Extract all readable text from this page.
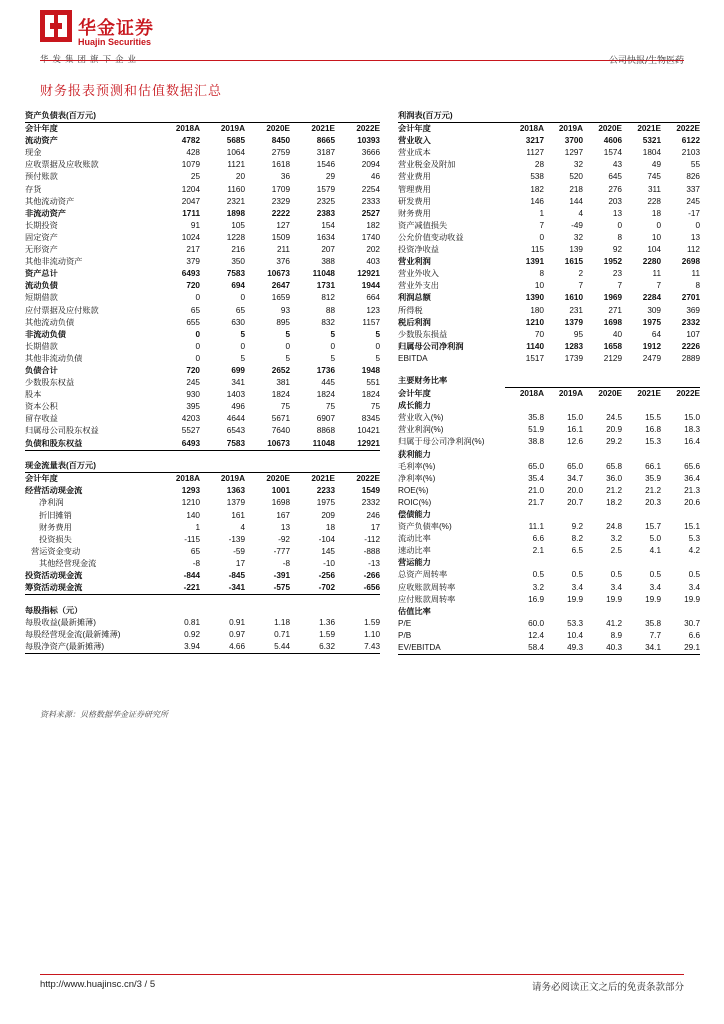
华金证券
Huajin Securities
华发集团旗下企业	公司快报/生物医药
财务报表预测和估值数据汇总
资产负债表(百万元)					
会计年度	2018A	2019A	2020E	2021E	2022E
流动资产	4782	5685	8450	8665	10393
现金	428	1064	2759	3187	3666
应收票据及应收账款	1079	1121	1618	1546	2094
预付账款	25	20	36	29	46
存货	1204	1160	1709	1579	2254
其他流动资产	2047	2321	2329	2325	2333
非流动资产	1711	1898	2222	2383	2527
长期投资	91	105	127	154	182
固定资产	1024	1228	1509	1634	1740
无形资产	217	216	211	207	202
其他非流动资产	379	350	376	388	403
资产总计	6493	7583	10673	11048	12921
流动负债	720	694	2647	1731	1944
短期借款	0	0	1659	812	664
应付票据及应付账款	65	65	93	88	123
其他流动负债	655	630	895	832	1157
非流动负债	0	5	5	5	5
长期借款	0	0	0	0	0
其他非流动负债	0	5	5	5	5
负债合计	720	699	2652	1736	1948
少数股东权益	245	341	381	445	551
股本	930	1403	1824	1824	1824
资本公积	395	496	75	75	75
留存收益	4203	4644	5671	6907	8345
归属母公司股东权益	5527	6543	7640	8868	10421
负债和股东权益	6493	7583	10673	11048	12921

现金流量表(百万元)					
会计年度	2018A	2019A	2020E	2021E	2022E
经营活动现金流	1293	1363	1001	2233	1549
净利润	1210	1379	1698	1975	2332
折旧摊销	140	161	167	209	246
财务费用	1	4	13	18	17
投资损失	-115	-139	-92	-104	-112
营运资金变动	65	-59	-777	145	-888
其他经营现金流	-8	17	-8	-10	-13
投资活动现金流	-844	-845	-391	-256	-266
筹资活动现金流	-221	-341	-575	-702	-656

每股指标（元）					
每股收益(最新摊薄)	0.81	0.91	1.18	1.36	1.59
每股经营现金流(最新摊薄)	0.92	0.97	0.71	1.59	1.10
每股净资产(最新摊薄)	3.94	4.66	5.44	6.32	7.43
利润表(百万元)					
会计年度	2018A	2019A	2020E	2021E	2022E
营业收入	3217	3700	4606	5321	6122
营业成本	1127	1297	1574	1804	2103
营业税金及附加	28	32	43	49	55
营业费用	538	520	645	745	826
管理费用	182	218	276	311	337
研发费用	146	144	203	228	245
财务费用	1	4	13	18	-17
资产减值损失	7	-49	0	0	0
公允价值变动收益	0	32	8	10	13
投资净收益	115	139	92	104	112
营业利润	1391	1615	1952	2280	2698
营业外收入	8	2	23	11	11
营业外支出	10	7	7	7	8
利润总额	1390	1610	1969	2284	2701
所得税	180	231	271	309	369
税后利润	1210	1379	1698	1975	2332
少数股东损益	70	95	40	64	107
归属母公司净利润	1140	1283	1658	1912	2226
EBITDA	1517	1739	2129	2479	2889

主要财务比率					
会计年度	2018A	2019A	2020E	2021E	2022E
成长能力					
营业收入(%)	35.8	15.0	24.5	15.5	15.0
营业利润(%)	51.9	16.1	20.9	16.8	18.3
归属于母公司净利润(%)	38.8	12.6	29.2	15.3	16.4
获利能力					
毛利率(%)	65.0	65.0	65.8	66.1	65.6
净利率(%)	35.4	34.7	36.0	35.9	36.4
ROE(%)	21.0	20.0	21.2	21.2	21.3
ROIC(%)	21.7	20.7	18.2	20.3	20.6
偿债能力					
资产负债率(%)	11.1	9.2	24.8	15.7	15.1
流动比率	6.6	8.2	3.2	5.0	5.3
速动比率	2.1	6.5	2.5	4.1	4.2
营运能力					
总资产周转率	0.5	0.5	0.5	0.5	0.5
应收账款周转率	3.2	3.4	3.4	3.4	3.4
应付账款周转率	16.9	19.9	19.9	19.9	19.9
估值比率					
P/E	60.0	53.3	41.2	35.8	30.7
P/B	12.4	10.4	8.9	7.7	6.6
EV/EBITDA	58.4	49.3	40.3	34.1	29.1
资料来源：贝格数据华金证券研究所
http://www.huajinsc.cn/3 / 5	请务必阅读正文之后的免责条款部分
